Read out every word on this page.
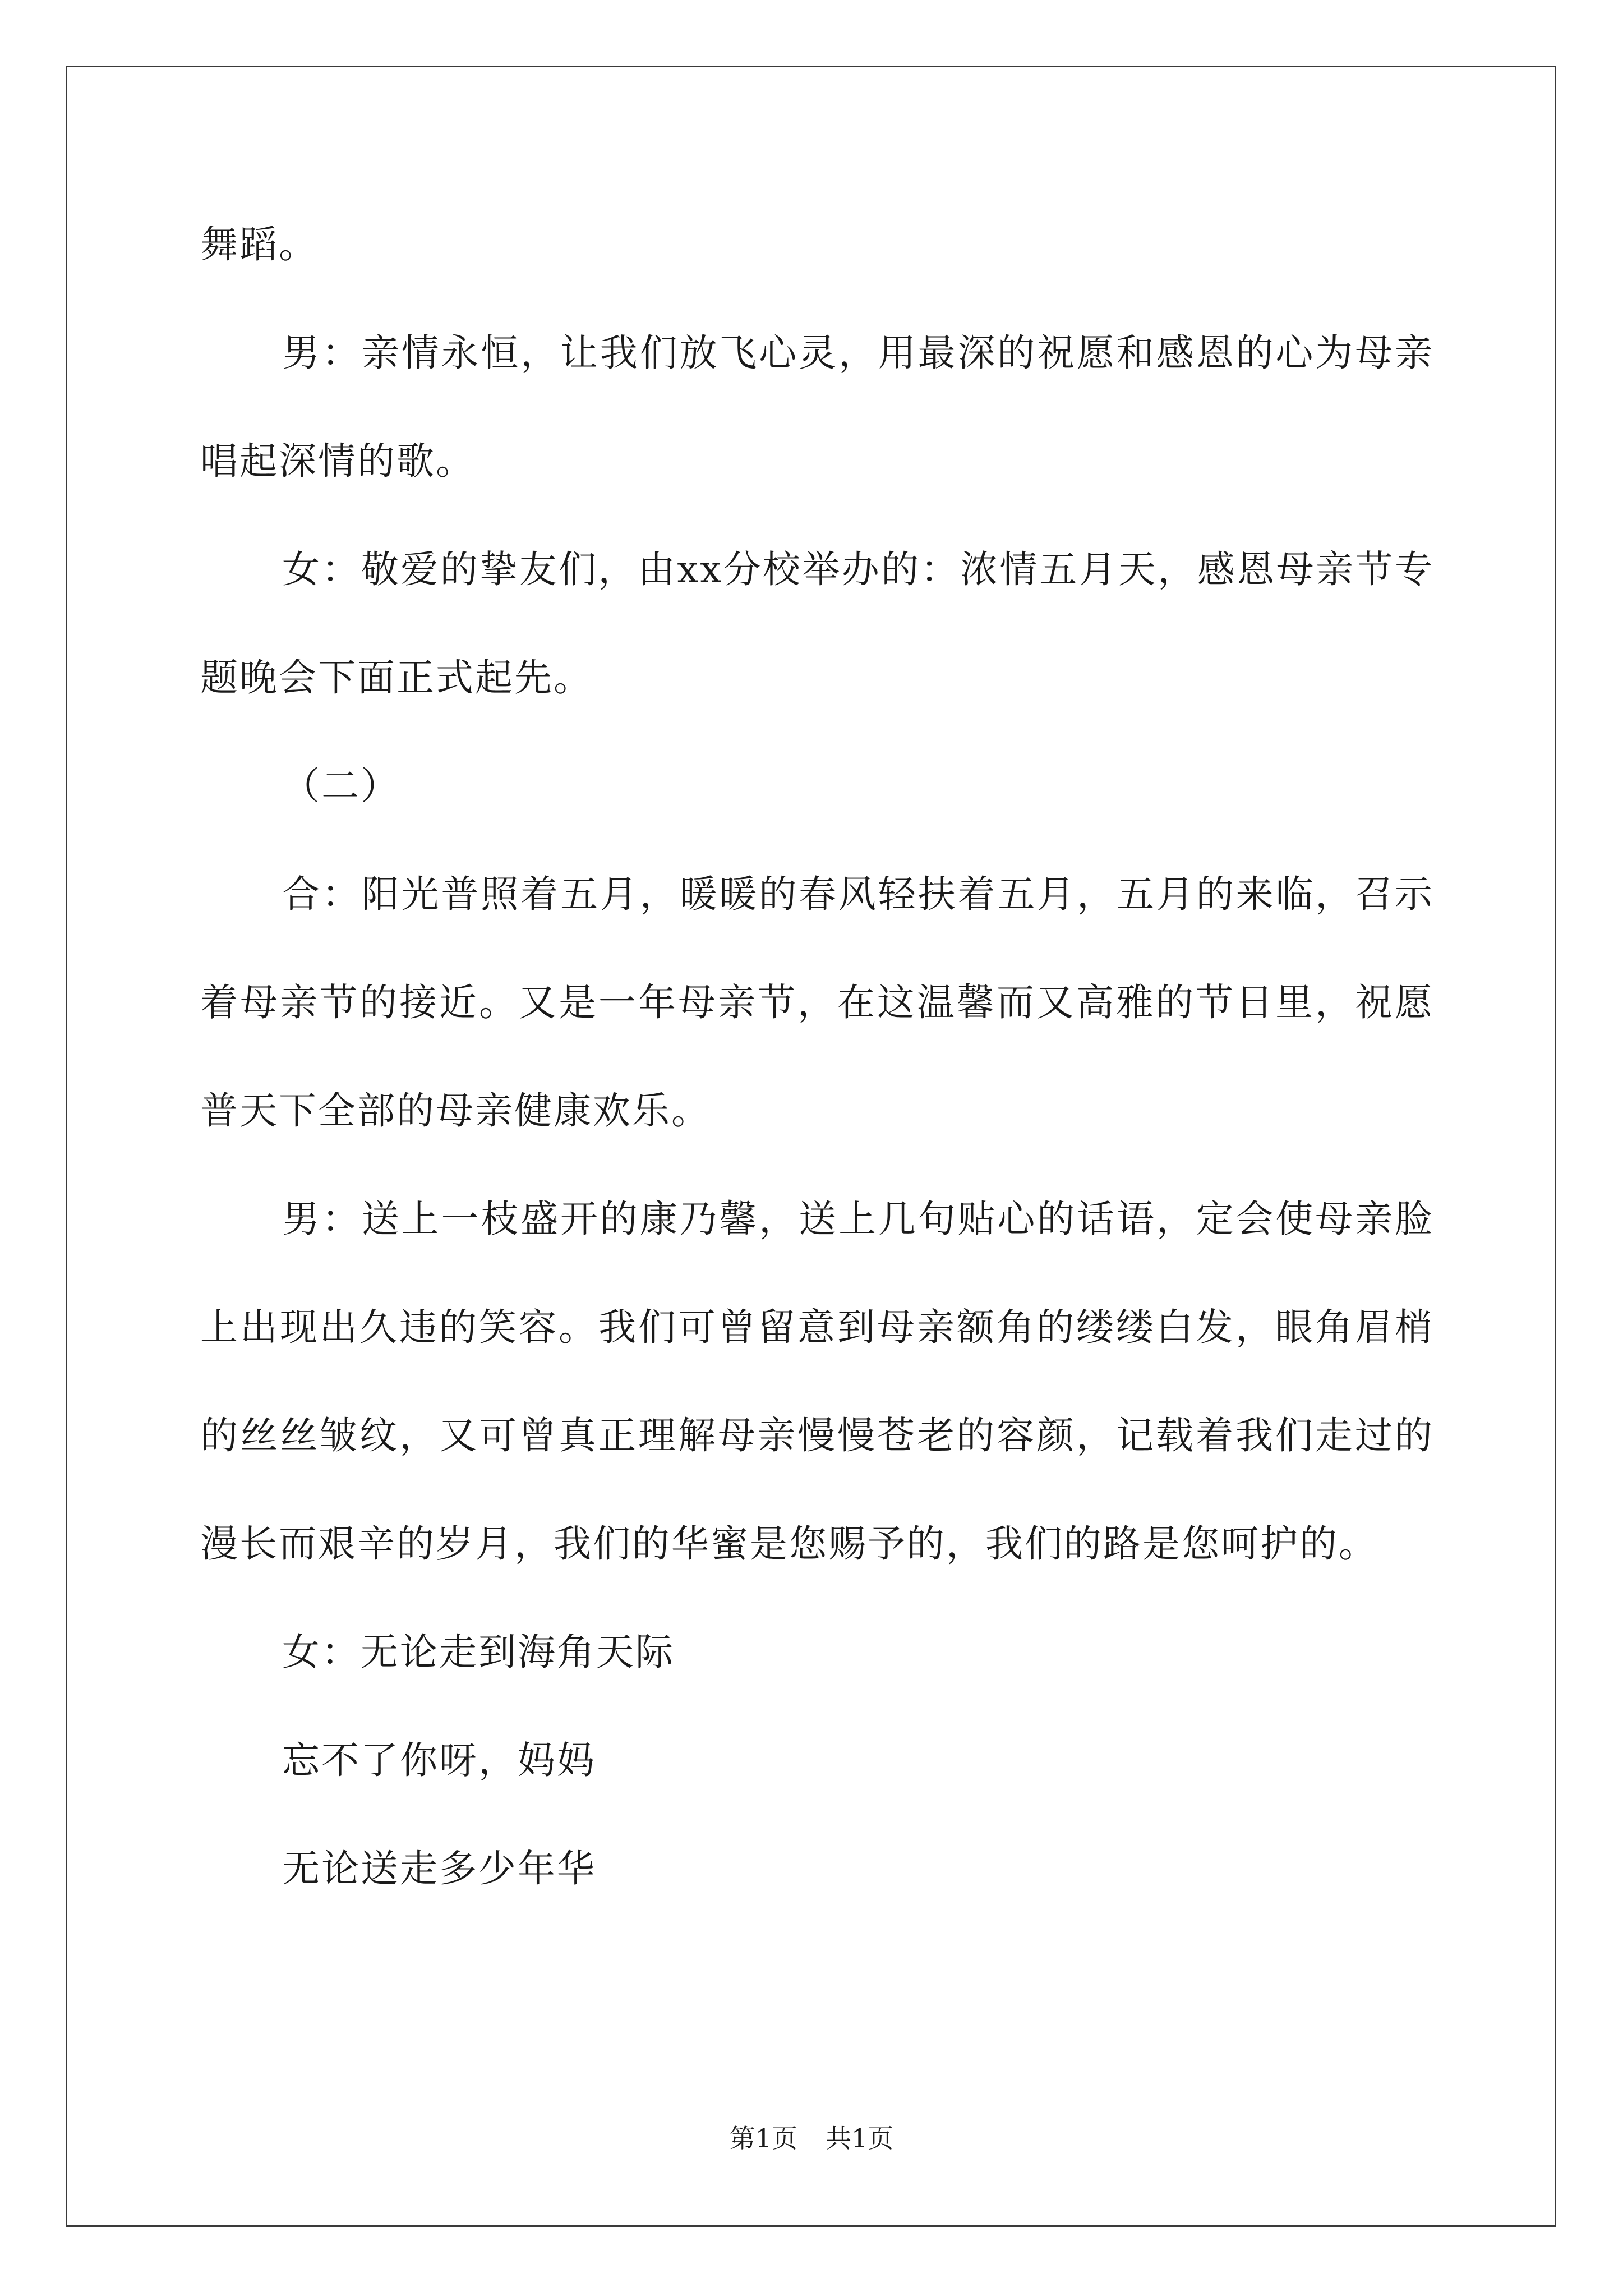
舞蹈。

男：亲情永恒，让我们放飞心灵，用最深的祝愿和感恩的心为母亲唱起深情的歌。

女：敬爱的挚友们，由xx分校举办的：浓情五月天，感恩母亲节专题晚会下面正式起先。

（二）

合：阳光普照着五月，暖暖的春风轻扶着五月，五月的来临，召示着母亲节的接近。又是一年母亲节，在这温馨而又高雅的节日里，祝愿普天下全部的母亲健康欢乐。

男：送上一枝盛开的康乃馨，送上几句贴心的话语，定会使母亲脸上出现出久违的笑容。我们可曾留意到母亲额角的缕缕白发，眼角眉梢的丝丝皱纹，又可曾真正理解母亲慢慢苍老的容颜，记载着我们走过的漫长而艰辛的岁月，我们的华蜜是您赐予的，我们的路是您呵护的。

女：无论走到海角天际

忘不了你呀，妈妈

无论送走多少年华

第1页 共1页
